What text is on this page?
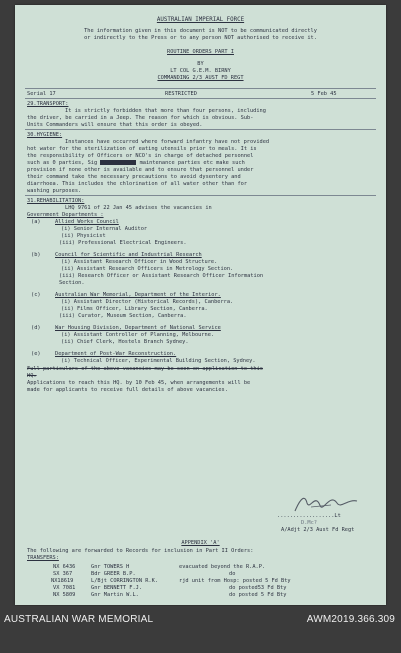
AUSTRALIAN IMPERIAL FORCE
The information given in this document is NOT to be communicated directly
or indirectly to the Press or to any person NOT authorised to receive it.
ROUTINE ORDERS PART I
BY
LT COL G.E.M. BIRNY
COMMANDING 2/3 AUST FD REGT
Serial 17	RESTRICTED	5 Feb 45
29.TRANSPORT:
It is strictly forbidden that more than four persons, including
the driver, be carried in a Jeep. The reason for which is obvious. Sub-
Units Commanders will ensure that this order is obeyed.
30.HYGIENE:
Instances have occurred where forward infantry have not provided
hot water for the sterilization of eating utensils prior to meals. It is
the responsibility of Officers or NCO's in charge of detached personnel
such as 0 parties, Sig	maintenance parties etc make such
provision if none other is available and to ensure that personnel under
their command take the necessary precautions to avoid dysentery and
diarrhoea. This includes the chlorination of all water other than for
washing purposes.
31.REHABILITATION:
LHQ 9761 of 22 Jan 45 advises the vacancies in
Government Departments :
(a)	Allied Works Council
(i) Senior Internal Auditor
(ii) Physicist
(iii) Professional Electrical Engineers.
(b)	Council for Scientific and Industrial Research
(i) Assistant Research Officer in Wood Structure.
(ii) Assistant Research Officers in Metrology Section.
(iii) Research Officer or Assistant Research Officer Information
Section.
(c)	Australian War Memorial, Department of the Interior.
(i) Assistant Director (Historical Records), Canberra.
(ii) Films Officer, Library Section, Canberra.
(iii) Curator, Museum Section, Canberra.
(d)	War Housing Division, Department of National Service
(i) Assistant Controller of Planning, Melbourne.
(ii) Chief Clerk, Hostels Branch Sydney.
(e)	Department of Post-War Reconstruction.
(i) Technical Officer, Experimental Building Section, Sydney.
Full particulars of the above vacancies may be seen on application to this
HQ.
Applications to reach this HQ. by 10 Feb 45, when arrangements will be
made for applicants to receive full details of above vacancies.
..................Lt
D.Mc?
A/Adjt 2/3 Aust Fd Regt
APPENDIX 'A'
The following are forwarded to Records for inclusion in Part II Orders:
TRANSFERS:
NX 6436	Gnr TOWERS H	evacuated beyond the R.A.P.
SX 367	Bdr GREER B.P.	do
NX18619	L/Bjt CORRINGTON R.K.	rjd unit from Hosp: posted 5 Fd Bty
VX 7081	Gnr BENNETT F.J.	do posted53 Fd Bty
NX 5809	Gnr Martin W.L.	do posted 5 Fd Bty
AUSTRALIAN WAR MEMORIAL	AWM2019.366.309
